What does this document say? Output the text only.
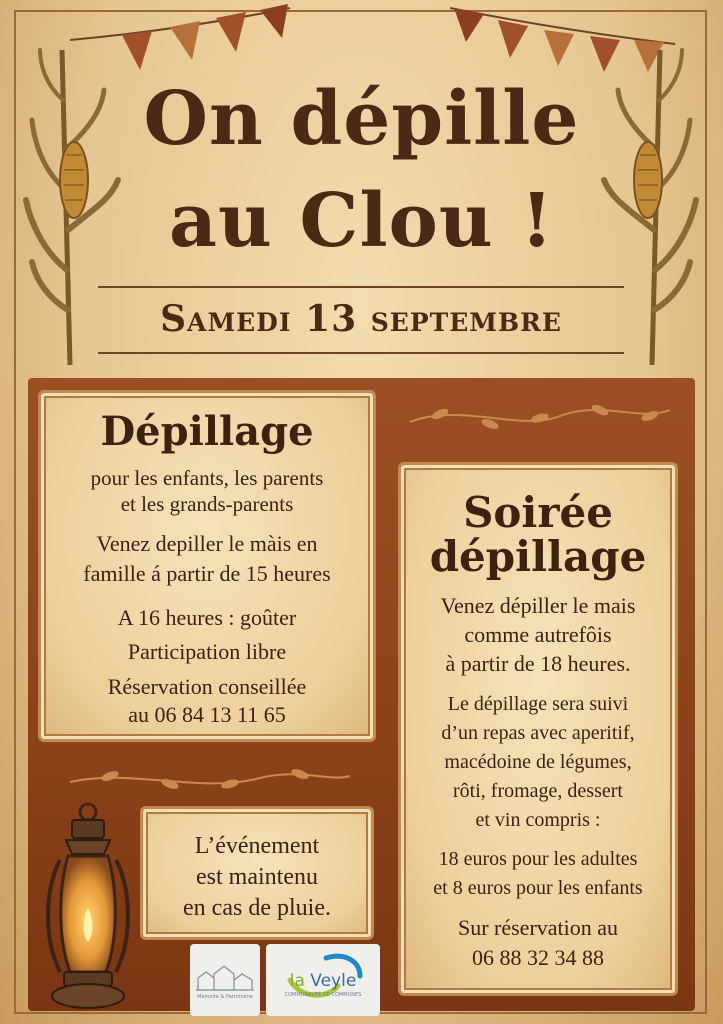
On dépille
au Clou !
Samedi 13 septembre
Dépillage

pour les enfants, les parents

et les grands-parents

Venez depiller le màis en

famille á partir de 15 heures

A 16 heures : goûter

Participation libre

Réservation conseillée

au 06 84 13 11 65

L’événement

est maintenu

en cas de pluie.

Soirée
dépillage

Venez dépiller le mais

comme autrefôis

à partir de 18 heures.

Le dépillage sera suivi

d’un repas avec aperitif,

macédoine de légumes,

rôti, fromage, dessert

et vin compris :

18 euros pour les adultes

et 8 euros pour les enfants

Sur réservation au

06 88 32 34 88

Mémoire & Patrimoine
la Veyle
COMMUNAUTÉ DE COMMUNES
